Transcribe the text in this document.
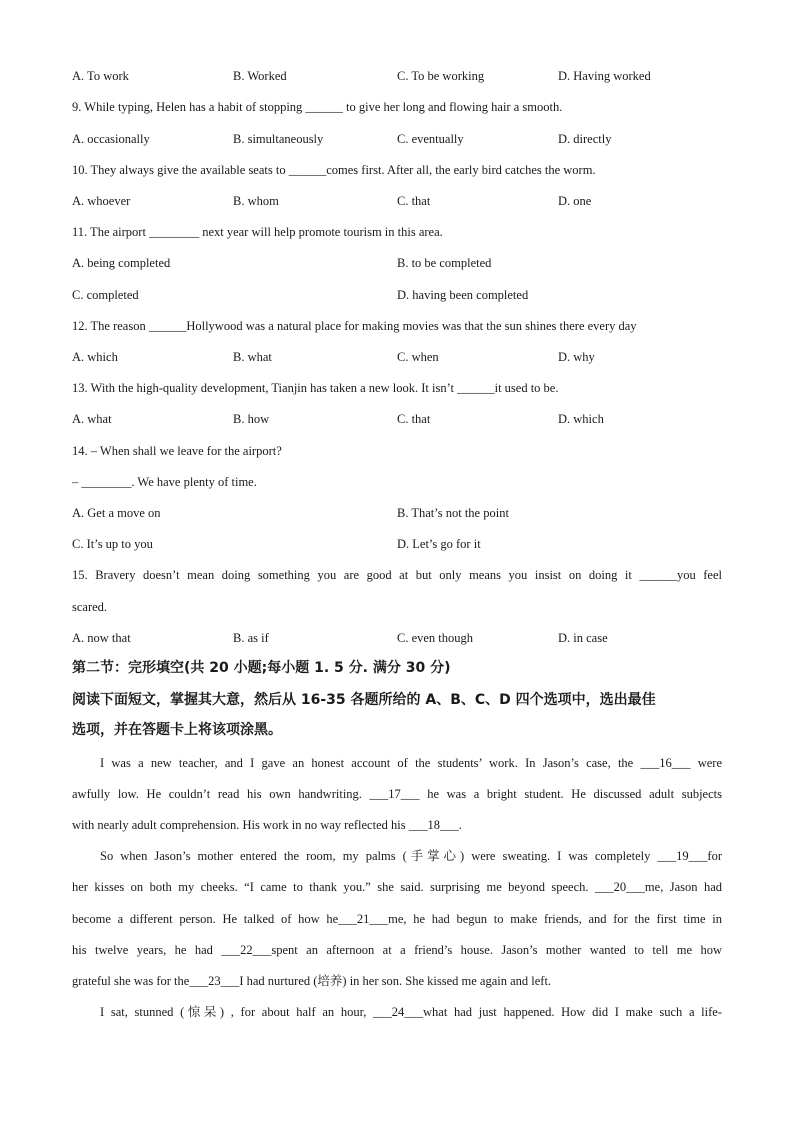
A. To work	B. Worked	C. To be working	D. Having worked
9. While typing, Helen has a habit of stopping ______ to give her long and flowing hair a smooth.
A. occasionally	B. simultaneously	C. eventually	D. directly
10. They always give the available seats to ______comes first. After all, the early bird catches the worm.
A. whoever	B. whom	C. that	D. one
11. The airport ________ next year will help promote tourism in this area.
A. being completed	B. to be completed
C. completed	D. having been completed
12. The reason ______Hollywood was a natural place for making movies was that the sun shines there every day
A. which	B. what	C. when	D. why
13. With the high-quality development, Tianjin has taken a new look. It isn’t ______it used to be.
A. what	B. how	C. that	D. which
14. – When shall we leave for the airport?
– ________. We have plenty of time.
A. Get a move on	B. That’s not the point
C. It’s up to you	D. Let’s go for it
15. Bravery doesn’t mean doing something you are good at but only means you insist on doing it ______you feel
scared.
A. now that	B. as if	C. even though	D. in case
第二节：完形填空(共 20 小题;每小题 1. 5 分. 满分 30 分)
阅读下面短文，掌握其大意，然后从 16-35 各题所给的 A、B、C、D 四个选项中，选出最佳
选项，并在答题卡上将该项涂黑。
I was a new teacher, and I gave an honest account of the students’ work. In Jason’s case, the ___16___ were
awfully low. He couldn’t read his own handwriting. ___17___ he was a bright student. He discussed adult subjects
with nearly adult comprehension. His work in no way reflected his ___18___.
So when Jason’s mother entered the room, my palms (手掌心) were sweating. I was completely ___19___for
her kisses on both my cheeks. “I came to thank you.” she said. surprising me beyond speech. ___20___me, Jason had
become a different person. He talked of how he___21___me, he had begun to make friends, and for the first time in
his twelve years, he had ___22___spent an afternoon at a friend’s house. Jason’s mother wanted to tell me how
grateful she was for the___23___I had nurtured (培养) in her son. She kissed me again and left.
I sat, stunned (惊呆) , for about half an hour, ___24___what had just happened. How did I make such a life-
